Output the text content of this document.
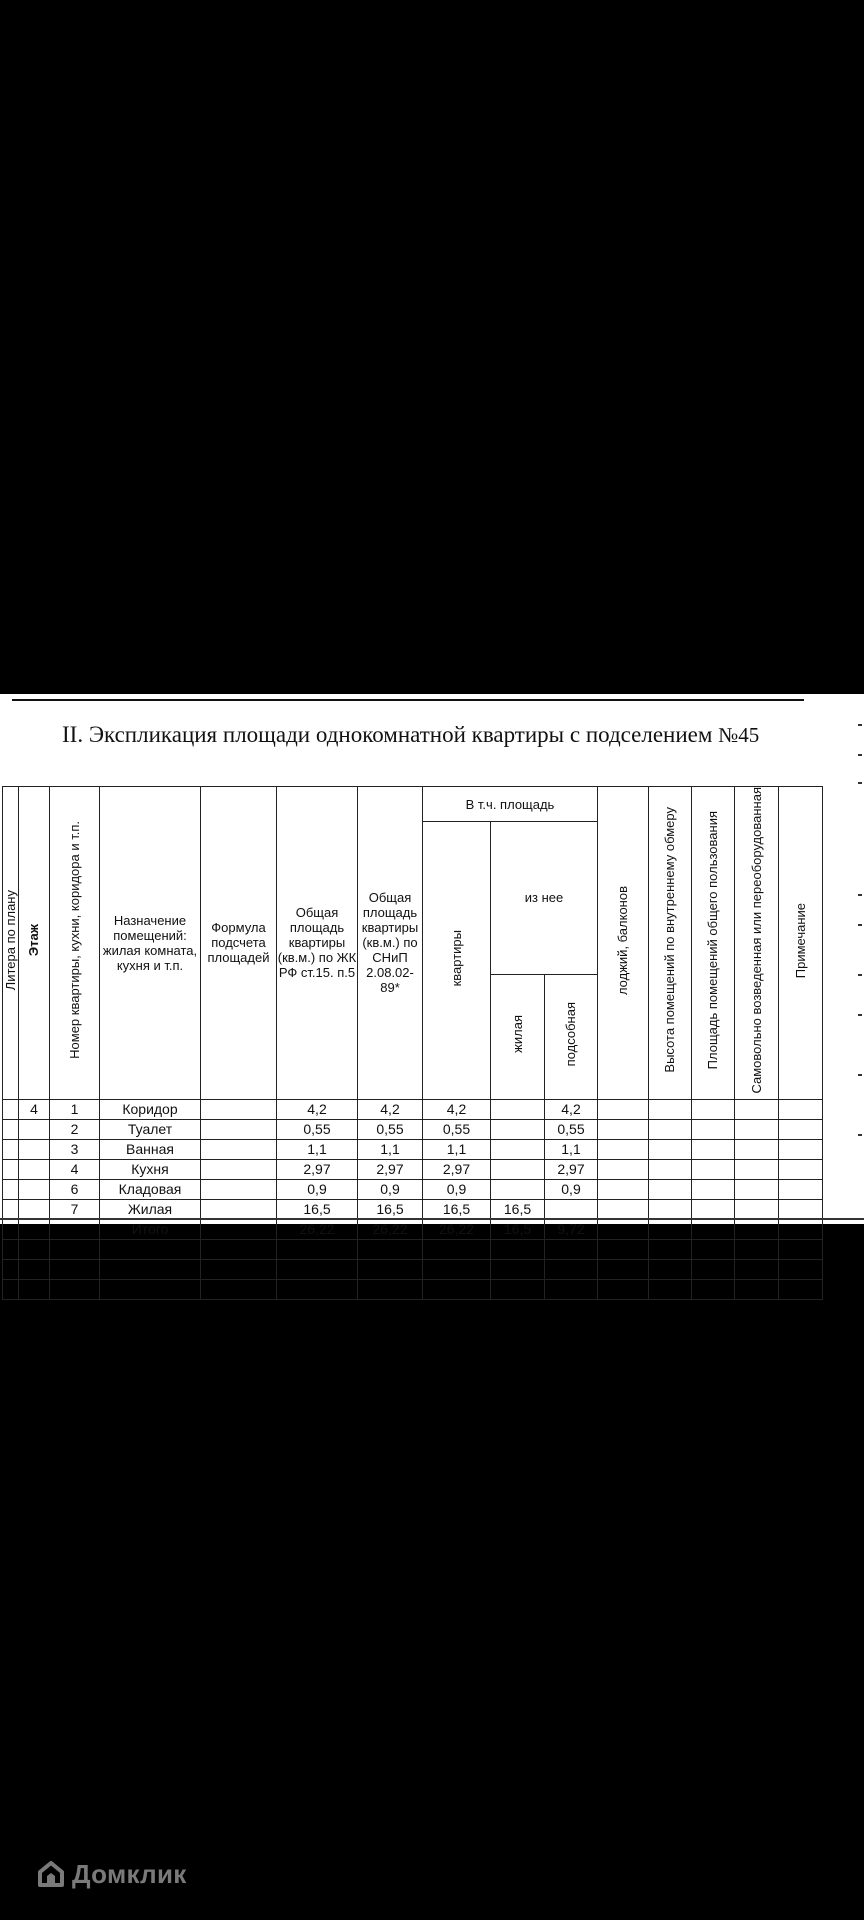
II. Экспликация площади однокомнатной квартиры с подселением №45
Литера по плану	Этаж	Номер квартиры, кухни, коридора и т.п.	Назначение помещений: жилая комната, кухня и т.п.	Формула подсчета площадей	Общая площадь квартиры (кв.м.) по ЖК РФ ст.15. п.5	Общая площадь квартиры (кв.м.) по СНиП 2.08.02-89*	В т.ч. площадь			лоджий, балконов	Высота помещений по внутреннему обмеру	Площадь помещений общего пользования	Самовольно возведенная или переоборудованная	Примечание	
							квартиры	из нее							
								жилая	подсобная						
	4	1	Коридор		4,2	4,2	4,2		4,2						
		2	Туалет		0,55	0,55	0,55		0,55						
		3	Ванная		1,1	1,1	1,1		1,1						
		4	Кухня		2,97	2,97	2,97		2,97						
		6	Кладовая		0,9	0,9	0,9		0,9						
		7	Жилая		16,5	16,5	16,5	16,5							
			Итого		26,22	26,22	26,22	16,5	9,72						

Домклик
